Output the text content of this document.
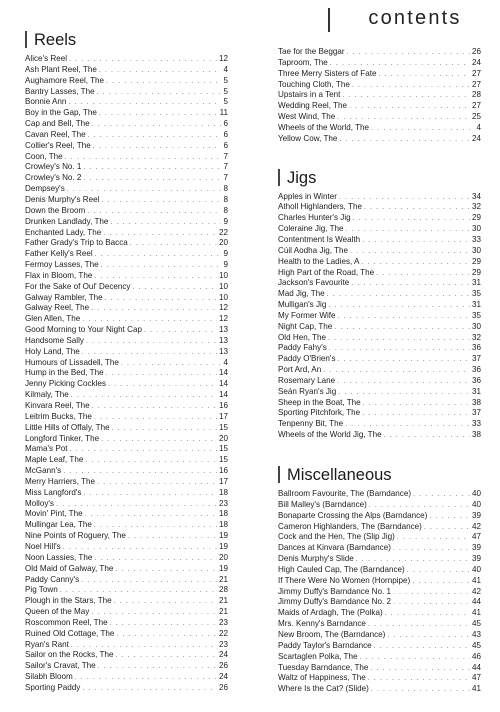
contents
Reels
Alice's Reel . . .	12
Ash Plant Reel, The . . .	4
Aughamore Reel, The . . .	5
Bantry Lasses, The . . .	5
Bonnie Ann . . .	5
Boy in the Gap, The . . .	11
Cap and Bell, The . . .	6
Cavan Reel, The . . .	6
Collier's Reel, The . . .	6
Coon, The . . .	7
Crowley's No. 1 . . .	7
Crowley's No. 2 . . .	7
Dempsey's . . .	8
Denis Murphy's Reel . . .	8
Down the Broom . . .	8
Drunken Landlady, The . . .	9
Enchanted Lady, The . . .	22
Father Grady's Trip to Bacca . . .	20
Father Kelly's Reel . . .	9
Fermoy Lasses, The . . .	9
Flax in Bloom, The . . .	10
For the Sake of Oul' Decency . . .	10
Galway Rambler, The . . .	10
Galway Reel, The . . .	12
Glen Allen, The . . .	12
Good Morning to Your Night Cap . . .	13
Handsome Sally . . .	13
Holy Land, The . . .	13
Humours of Lissadell, The . . .	4
Hump in the Bed, The . . .	14
Jenny Picking Cockles . . .	14
Kilmaly, The . . .	14
Kinvara Reel, The . . .	16
Leitrim Bucks, The . . .	17
Little Hills of Offaly, The . . .	15
Longford Tinker, The . . .	20
Mama's Pot . . .	15
Maple Leaf, The . . .	15
McGann's . . .	16
Merry Harriers, The . . .	17
Miss Langford's . . .	18
Molloy's . . .	23
Movin' Pint, The . . .	18
Mullingar Lea, The . . .	18
Nine Points of Roguery, The . . .	19
Noel Hill's . . .	19
Noon Lassies, The . . .	20
Old Maid of Galway, The . . .	19
Paddy Canny's . . .	21
Pig Town . . .	28
Plough in the Stars, The . . .	21
Queen of the May . . .	21
Roscommon Reel, The . . .	23
Ruined Old Cottage, The . . .	22
Ryan's Rant . . .	23
Sailor on the Rocks, The . . .	24
Sailor's Cravat, The . . .	26
Silabh Bloom . . .	24
Sporting Paddy . . .	26
Tae for the Beggar . . .	26
Taproom, The . . .	24
Three Merry Sisters of Fate . . .	27
Touching Cloth, The . . .	27
Upstairs in a Tent . . .	28
Wedding Reel, The . . .	27
West Wind, The . . .	25
Wheels of the World, The . . .	4
Yellow Cow, The . . .	24
Jigs
Apples in Winter . . .	34
Atholl Highlanders, The . . .	32
Charles Hunter's Jig . . .	29
Coleraine Jig, The . . .	30
Contentment Is Wealth . . .	33
Cúil Aodha Jig, The . . .	30
Health to the Ladies, A . . .	29
High Part of the Road, The . . .	29
Jackson's Favourite . . .	31
Mad Jig, The . . .	35
Mulligan's Jig . . .	31
My Former Wife . . .	35
Night Cap, The . . .	30
Old Hen, The . . .	32
Paddy Fahy's . . .	36
Paddy O'Brien's . . .	37
Port Ard, An . . .	36
Rosemary Lane . . .	36
Seán Ryan's Jig . . .	31
Sheep in the Boat, The . . .	38
Sporting Pitchfork, The . . .	37
Tenpenny Bit, The . . .	33
Wheels of the World Jig, The . . .	38
Miscellaneous
Ballroom Favourite, The (Barndance) . . .	40
Bill Malley's (Barndance) . . .	40
Bonaparte Crossing the Alps (Barndance) . . .	39
Cameron Highlanders, The (Barndance) . . .	42
Cock and the Hen, The (Slip Jig) . . .	47
Dances at Kinvara (Barndance) . . .	39
Denis Murphy's Slide . . .	39
High Cauled Cap, The (Barndance) . . .	40
If There Were No Women (Hornpipe) . . .	41
Jimmy Duffy's Barndance No. 1 . . .	42
Jimmy Duffy's Barndance No. 2 . . .	44
Maids of Ardagh, The (Polka) . . .	41
Mrs. Kenny's Barndance . . .	45
New Broom, The (Barndance) . . .	43
Paddy Taylor's Barndance . . .	45
Scartaglen Polka, The . . .	46
Tuesday Barndance, The . . .	44
Waltz of Happiness, The . . .	47
Where Is the Cat? (Slide) . . .	41
